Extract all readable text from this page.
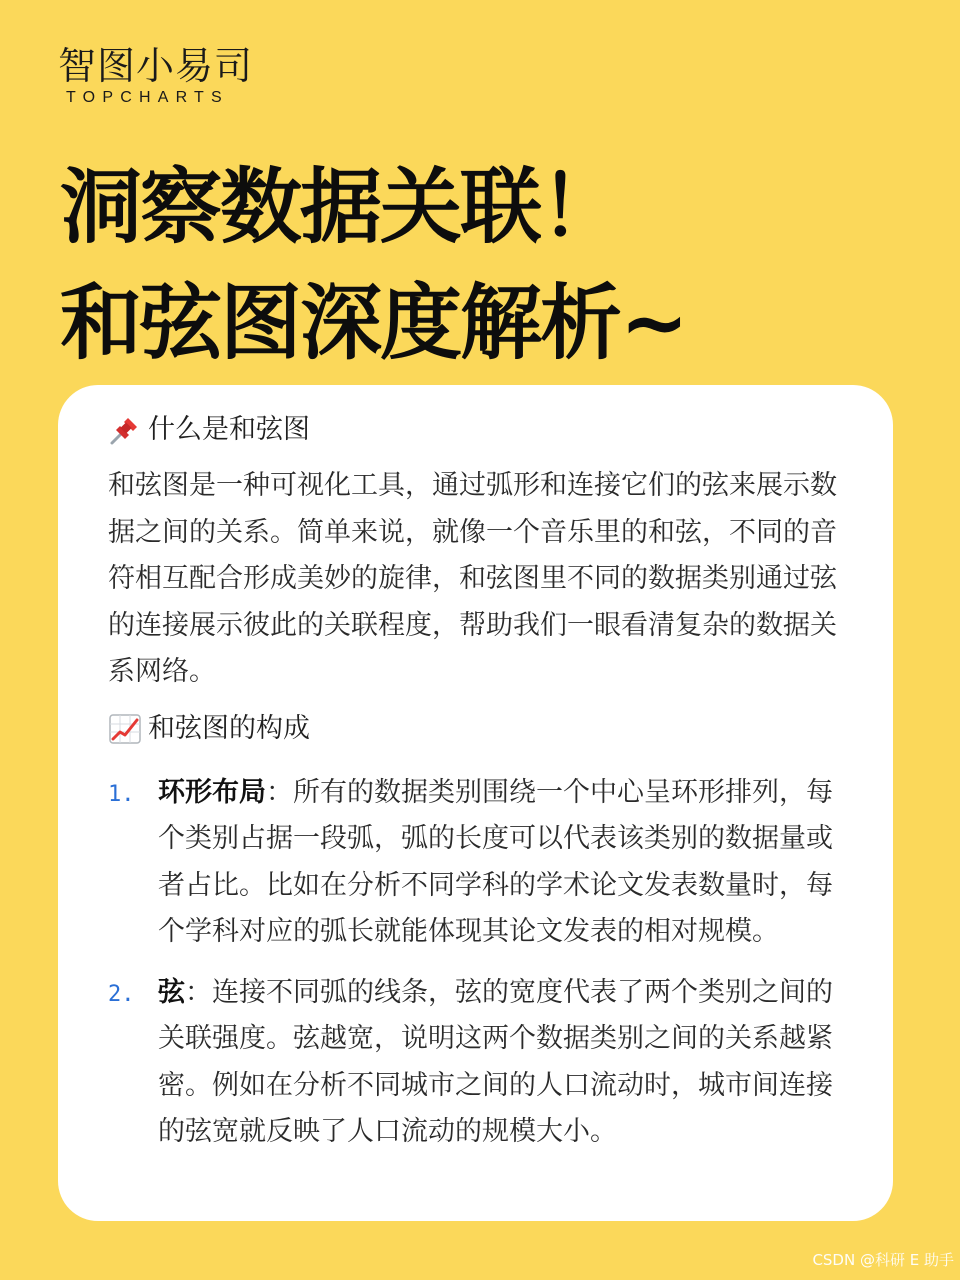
智图小易司
TOPCHARTS
洞察数据关联！
和弦图深度解析~
什么是和弦图
和弦图是一种可视化工具，通过弧形和连接它们的弦来展示数据之间的关系。简单来说，就像一个音乐里的和弦，不同的音符相互配合形成美妙的旋律，和弦图里不同的数据类别通过弦的连接展示彼此的关联程度，帮助我们一眼看清复杂的数据关系网络。
和弦图的构成
1. 环形布局：所有的数据类别围绕一个中心呈环形排列，每个类别占据一段弧，弧的长度可以代表该类别的数据量或者占比。比如在分析不同学科的学术论文发表数量时，每个学科对应的弧长就能体现其论文发表的相对规模。
2. 弦：连接不同弧的线条，弦的宽度代表了两个类别之间的关联强度。弦越宽，说明这两个数据类别之间的关系越紧密。例如在分析不同城市之间的人口流动时，城市间连接的弦宽就反映了人口流动的规模大小。
CSDN @科研 E 助手
